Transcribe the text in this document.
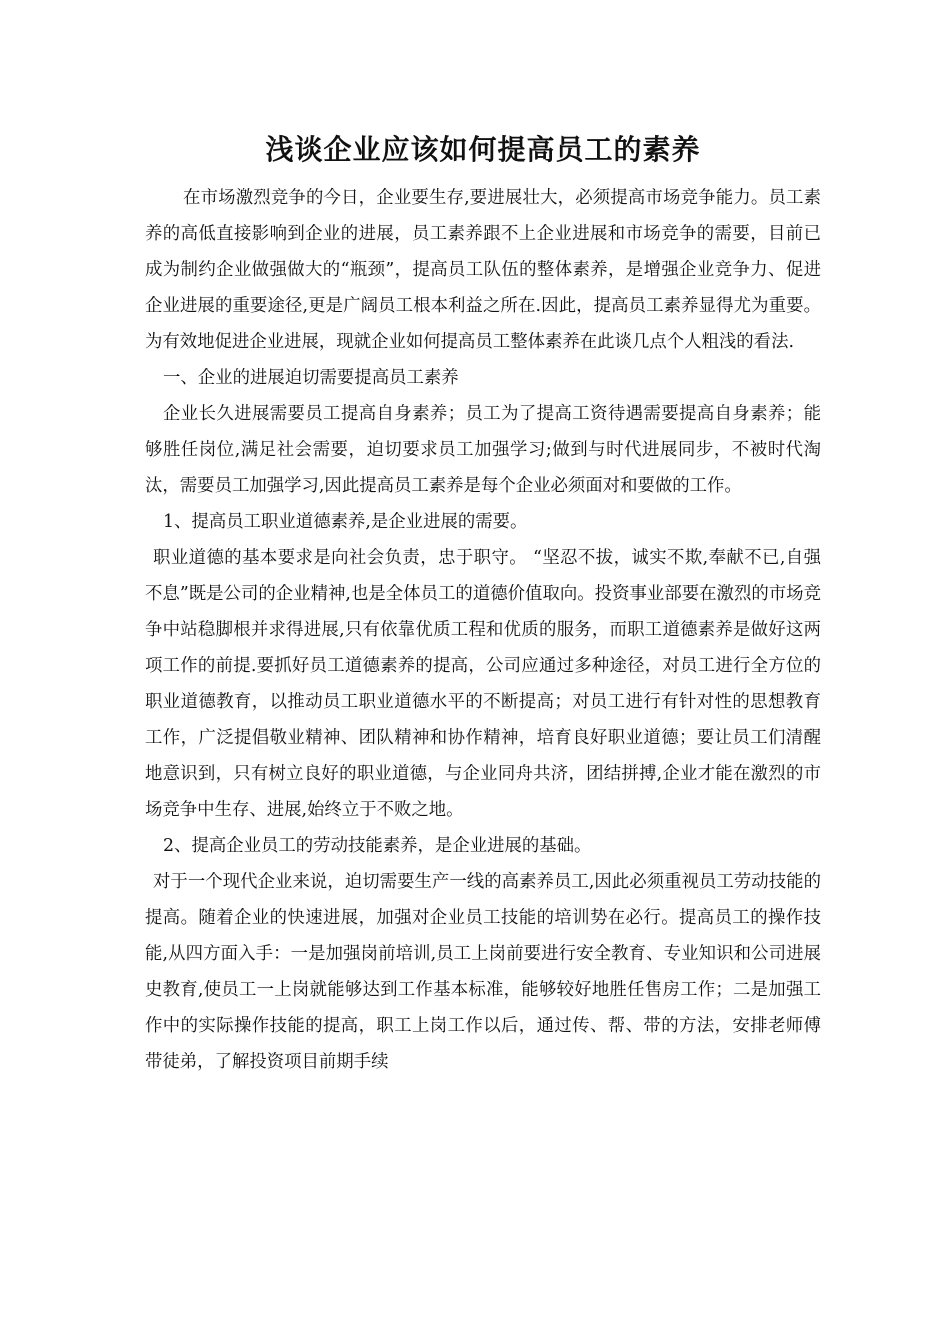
浅谈企业应该如何提高员工的素养

在市场激烈竞争的今日，企业要生存,要进展壮大，必须提高市场竞争能力。员工素养的高低直接影响到企业的进展，员工素养跟不上企业进展和市场竞争的需要，目前已成为制约企业做强做大的“瓶颈”，提高员工队伍的整体素养，是增强企业竞争力、促进企业进展的重要途径,更是广阔员工根本利益之所在.因此，提高员工素养显得尤为重要。为有效地促进企业进展，现就企业如何提高员工整体素养在此谈几点个人粗浅的看法.

一、企业的进展迫切需要提高员工素养

企业长久进展需要员工提高自身素养；员工为了提高工资待遇需要提高自身素养；能够胜任岗位,满足社会需要，迫切要求员工加强学习;做到与时代进展同步，不被时代淘汰，需要员工加强学习,因此提高员工素养是每个企业必须面对和要做的工作。

1、提高员工职业道德素养,是企业进展的需要。

职业道德的基本要求是向社会负责，忠于职守。 “坚忍不拔，诚实不欺,奉献不已,自强不息”既是公司的企业精神,也是全体员工的道德价值取向。投资事业部要在激烈的市场竞争中站稳脚根并求得进展,只有依靠优质工程和优质的服务，而职工道德素养是做好这两项工作的前提.要抓好员工道德素养的提高，公司应通过多种途径，对员工进行全方位的职业道德教育，以推动员工职业道德水平的不断提高；对员工进行有针对性的思想教育工作，广泛提倡敬业精神、团队精神和协作精神，培育良好职业道德；要让员工们清醒地意识到，只有树立良好的职业道德，与企业同舟共济，团结拼搏,企业才能在激烈的市场竞争中生存、进展,始终立于不败之地。

2、提高企业员工的劳动技能素养，是企业进展的基础。

对于一个现代企业来说，迫切需要生产一线的高素养员工,因此必须重视员工劳动技能的提高。随着企业的快速进展，加强对企业员工技能的培训势在必行。提高员工的操作技能,从四方面入手：一是加强岗前培训,员工上岗前要进行安全教育、专业知识和公司进展史教育,使员工一上岗就能够达到工作基本标准，能够较好地胜任售房工作；二是加强工作中的实际操作技能的提高，职工上岗工作以后，通过传、帮、带的方法，安排老师傅带徒弟，了解投资项目前期手续
